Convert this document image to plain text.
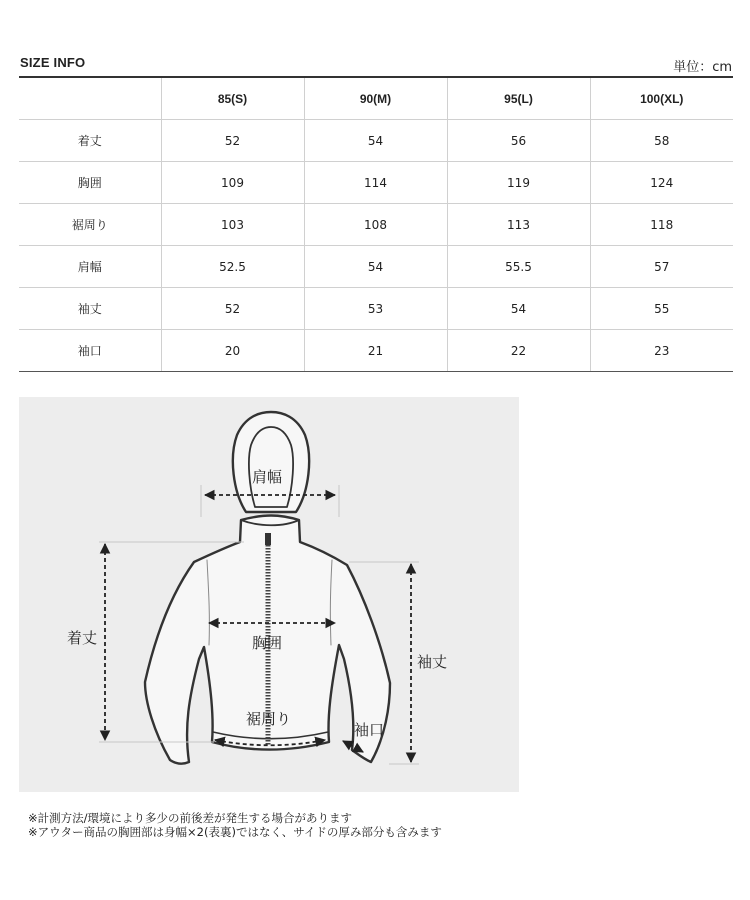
SIZE INFO	単位：cm
	85(S)	90(M)	95(L)	100(XL)
着丈	52	54	56	58
胸囲	109	114	119	124
裾周り	103	108	113	118
肩幅	52.5	54	55.5	57
袖丈	52	53	54	55
袖口	20	21	22	23
肩幅
着丈	胸囲
袖丈
裾周り
袖口
※計測方法/環境により多少の前後差が発生する場合があります
※アウター商品の胸囲部は身幅×2(表裏)ではなく、サイドの厚み部分も含みます
